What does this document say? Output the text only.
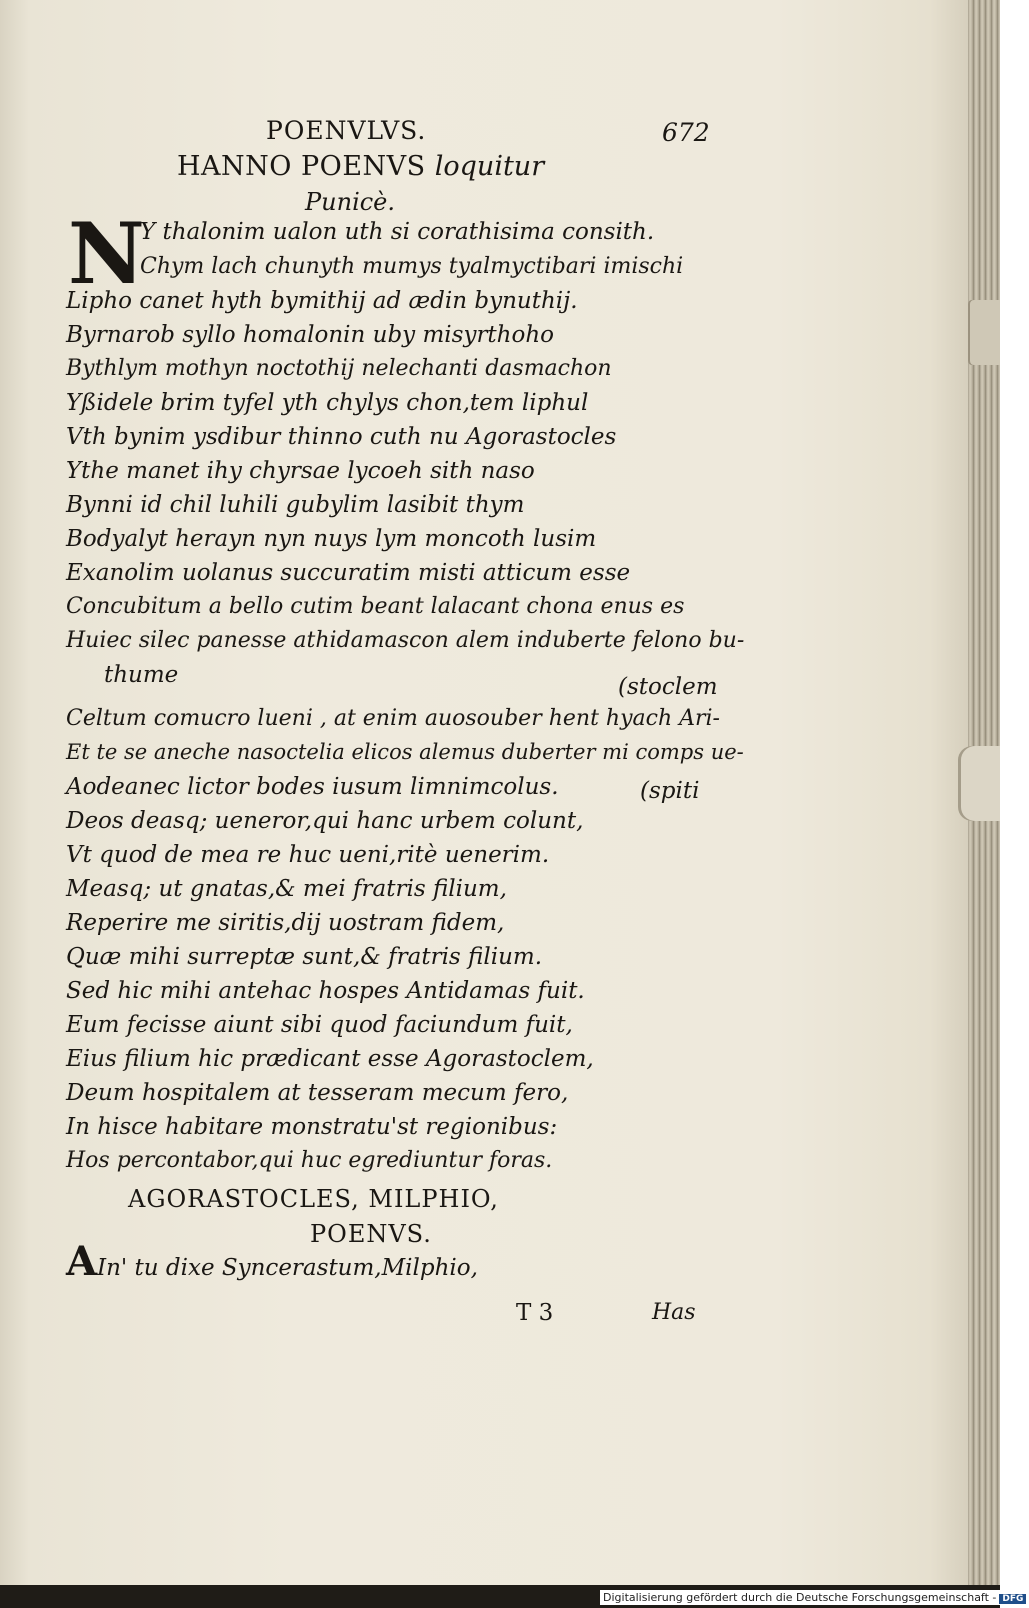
POENVLVS.	672
HANNO POENVS loquitur
Punicè.
N
Y thalonim ualon uth si corathisima consith.
Chym lach chunyth mumys tyalmyctibari imischi
Lipho canet hyth bymithij ad ædin bynuthij.
Byrnarob syllo homalonin uby misyrthoho
Bythlym mothyn noctothij nelechanti dasmachon
Yßidele brim tyfel yth chylys chon,tem liphul
Vth bynim ysdibur thinno cuth nu Agorastocles
Ythe manet ihy chyrsae lycoeh sith naso
Bynni id chil luhili gubylim lasibit thym
Bodyalyt herayn nyn nuys lym moncoth lusim
Exanolim uolanus succuratim misti atticum esse
Concubitum a bello cutim beant lalacant chona enus es
Huiec silec panesse athidamascon alem induberte felono bu-
thume	(stoclem
Celtum comucro lueni , at enim auosouber hent hyach Ari-
Et te se aneche nasoctelia elicos alemus duberter mi comps ue-
Aodeanec lictor bodes iusum limnimcolus.	(spiti
Deos deasq; ueneror,qui hanc urbem colunt,
Vt quod de mea re huc ueni,ritè uenerim.
Measq; ut gnatas,& mei fratris filium,
Reperire me siritis,dij uostram fidem,
Quæ mihi surreptæ sunt,& fratris filium.
Sed hic mihi antehac hospes Antidamas fuit.
Eum fecisse aiunt sibi quod faciundum fuit,
Eius filium hic prædicant esse Agorastoclem,
Deum hospitalem at tesseram mecum fero,
In hisce habitare monstratu'st regionibus:
Hos percontabor,qui huc egrediuntur foras.
AGORASTOCLES, MILPHIO,
POENVS.
A In' tu dixe Syncerastum,Milphio,
T 3	Has
Digitalisierung gefördert durch die Deutsche Forschungsgemeinschaft - DFG
